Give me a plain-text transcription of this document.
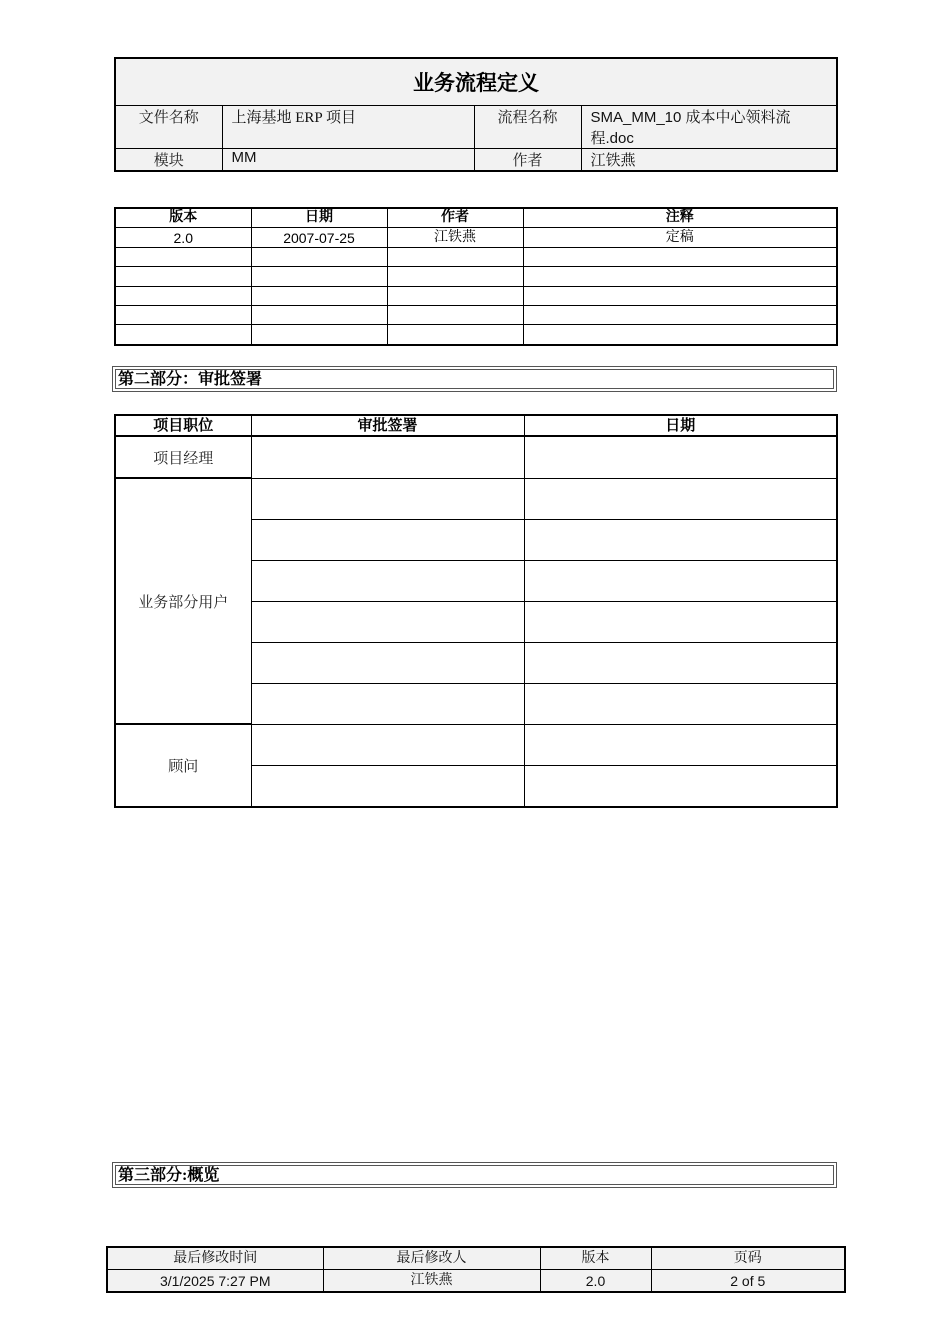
业务流程定义			
文件名称	上海基地 ERP 项目	流程名称	SMA_MM_10 成本中心领料流
程.doc

模块	MM	作者	江铁燕
版本	日期	作者	注释
2.0	2007-07-25	江铁燕	定稿

第二部分：审批签署
项目职位	审批签署	日期
项目经理		
业务部分用户		

顾问		

第三部分:概览
最后修改时间	最后修改人	版本	页码
3/1/2025 7:27 PM	江铁燕	2.0	2 of 5
